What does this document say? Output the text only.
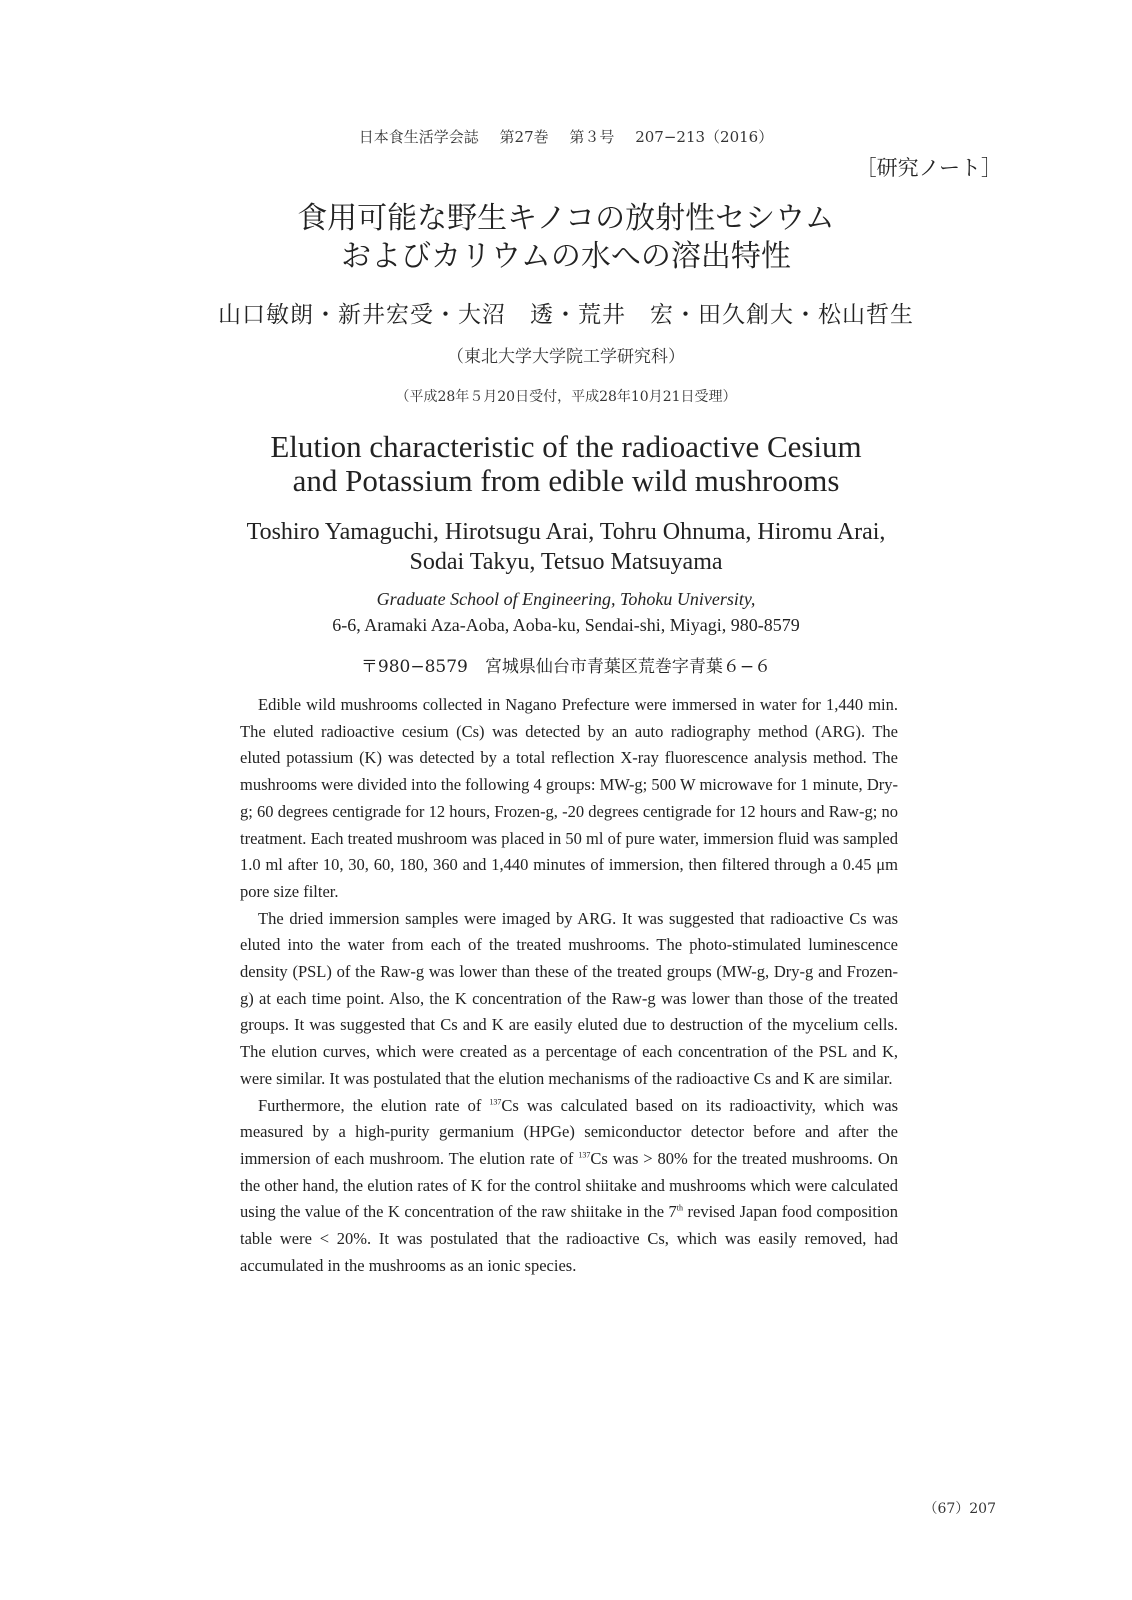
日本食生活学会誌 第27巻 第３号 207−213（2016）
［研究ノート］
食用可能な野生キノコの放射性セシウム
およびカリウムの水への溶出特性
山口敏朗・新井宏受・大沼　透・荒井　宏・田久創大・松山哲生
（東北大学大学院工学研究科）
（平成28年５月20日受付，平成28年10月21日受理）
Elution characteristic of the radioactive Cesium
and Potassium from edible wild mushrooms
Toshiro Yamaguchi, Hirotsugu Arai, Tohru Ohnuma, Hiromu Arai,
Sodai Takyu, Tetsuo Matsuyama
Graduate School of Engineering, Tohoku University,
6-6, Aramaki Aza-Aoba, Aoba-ku, Sendai-shi, Miyagi, 980-8579
〒980−8579　宮城県仙台市青葉区荒巻字青葉６−６

Edible wild mushrooms collected in Nagano Prefecture were immersed in water for 1,440 min. The eluted radioactive cesium (Cs) was detected by an auto radiography method (ARG). The eluted potassium (K) was detected by a total reflection X-ray fluorescence analysis method. The mushrooms were divided into the following 4 groups: MW-g; 500 W microwave for 1 minute, Dry-g; 60 degrees centigrade for 12 hours, Frozen-g, -20 degrees centigrade for 12 hours and Raw-g; no treatment. Each treated mushroom was placed in 50 ml of pure water, immersion fluid was sampled 1.0 ml after 10, 30, 60, 180, 360 and 1,440 minutes of immersion, then filtered through a 0.45 μm pore size filter.

The dried immersion samples were imaged by ARG. It was suggested that radioactive Cs was eluted into the water from each of the treated mushrooms. The photo-stimulated luminescence density (PSL) of the Raw-g was lower than these of the treated groups (MW-g, Dry-g and Frozen-g) at each time point. Also, the K concentration of the Raw-g was lower than those of the treated groups. It was suggested that Cs and K are easily eluted due to destruction of the mycelium cells. The elution curves, which were created as a percentage of each concentration of the PSL and K, were similar. It was postulated that the elution mechanisms of the radioactive Cs and K are similar.

Furthermore, the elution rate of $^{137}$Cs was calculated based on its radioactivity, which was measured by a high-purity germanium (HPGe) semiconductor detector before and after the immersion of each mushroom. The elution rate of $^{137}$Cs was > 80% for the treated mushrooms. On the other hand, the elution rates of K for the control shiitake and mushrooms which were calculated using the value of the K concentration of the raw shiitake in the 7th revised Japan food composition table were < 20%. It was postulated that the radioactive Cs, which was easily removed, had accumulated in the mushrooms as an ionic species.

（67）207
